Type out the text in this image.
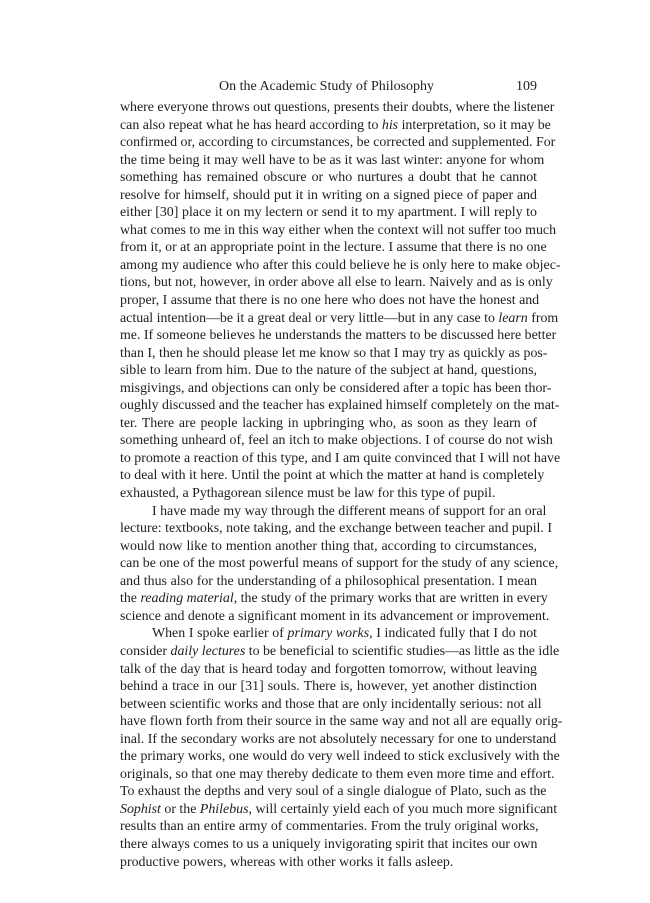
On the Academic Study of Philosophy	109
where everyone throws out questions, presents their doubts, where the listener
can also repeat what he has heard according to his interpretation, so it may be
confirmed or, according to circumstances, be corrected and supplemented. For
the time being it may well have to be as it was last winter: anyone for whom
something has remained obscure or who nurtures a doubt that he cannot
resolve for himself, should put it in writing on a signed piece of paper and
either [30] place it on my lectern or send it to my apartment. I will reply to
what comes to me in this way either when the context will not suffer too much
from it, or at an appropriate point in the lecture. I assume that there is no one
among my audience who after this could believe he is only here to make objec-
tions, but not, however, in order above all else to learn. Naively and as is only
proper, I assume that there is no one here who does not have the honest and
actual intention—be it a great deal or very little—but in any case to learn from
me. If someone believes he understands the matters to be discussed here better
than I, then he should please let me know so that I may try as quickly as pos-
sible to learn from him. Due to the nature of the subject at hand, questions,
misgivings, and objections can only be considered after a topic has been thor-
oughly discussed and the teacher has explained himself completely on the mat-
ter. There are people lacking in upbringing who, as soon as they learn of
something unheard of, feel an itch to make objections. I of course do not wish
to promote a reaction of this type, and I am quite convinced that I will not have
to deal with it here. Until the point at which the matter at hand is completely
exhausted, a Pythagorean silence must be law for this type of pupil.
I have made my way through the different means of support for an oral
lecture: textbooks, note taking, and the exchange between teacher and pupil. I
would now like to mention another thing that, according to circumstances,
can be one of the most powerful means of support for the study of any science,
and thus also for the understanding of a philosophical presentation. I mean
the reading material, the study of the primary works that are written in every
science and denote a significant moment in its advancement or improvement.
When I spoke earlier of primary works, I indicated fully that I do not
consider daily lectures to be beneficial to scientific studies—as little as the idle
talk of the day that is heard today and forgotten tomorrow, without leaving
behind a trace in our [31] souls. There is, however, yet another distinction
between scientific works and those that are only incidentally serious: not all
have flown forth from their source in the same way and not all are equally orig-
inal. If the secondary works are not absolutely necessary for one to understand
the primary works, one would do very well indeed to stick exclusively with the
originals, so that one may thereby dedicate to them even more time and effort.
To exhaust the depths and very soul of a single dialogue of Plato, such as the
Sophist or the Philebus, will certainly yield each of you much more significant
results than an entire army of commentaries. From the truly original works,
there always comes to us a uniquely invigorating spirit that incites our own
productive powers, whereas with other works it falls asleep.
